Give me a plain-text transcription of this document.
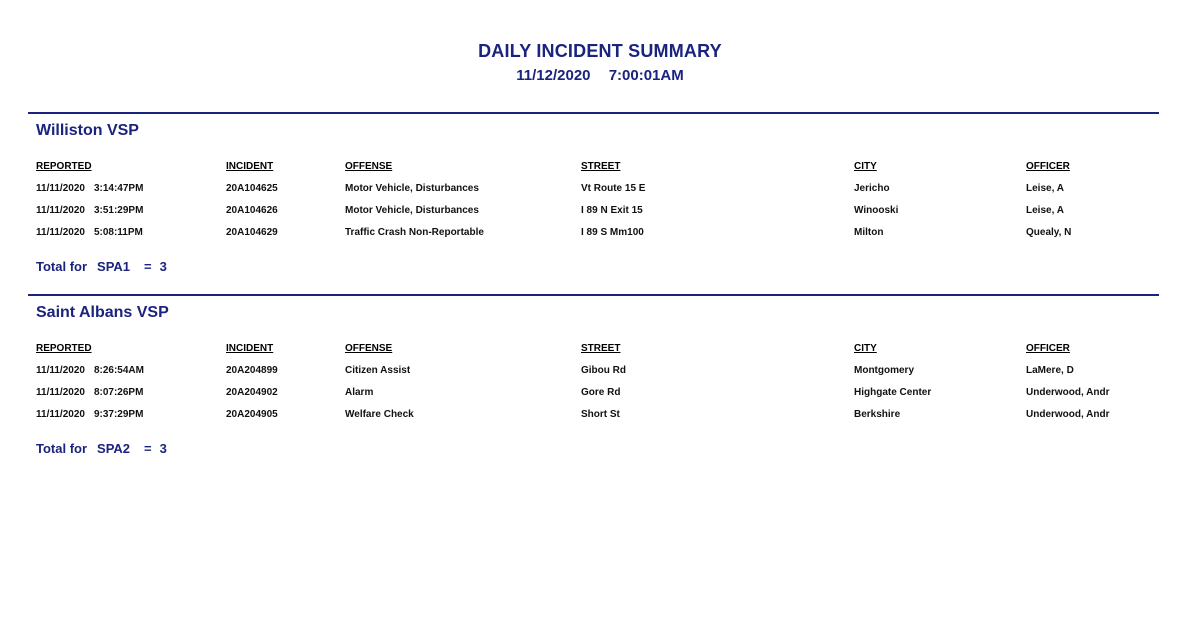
DAILY INCIDENT SUMMARY
11/12/2020 7:00:01AM
Williston VSP
REPORTED	INCIDENT	OFFENSE	STREET	CITY	OFFICER
11/11/2020 3:14:47PM	20A104625	Motor Vehicle, Disturbances	Vt Route 15 E	Jericho	Leise, A
11/11/2020 3:51:29PM	20A104626	Motor Vehicle, Disturbances	I 89 N Exit 15	Winooski	Leise, A
11/11/2020 5:08:11PM	20A104629	Traffic Crash Non-Reportable	I 89 S Mm100	Milton	Quealy, N
Total for SPA1 = 3
Saint Albans VSP
REPORTED	INCIDENT	OFFENSE	STREET	CITY	OFFICER
11/11/2020 8:26:54AM	20A204899	Citizen Assist	Gibou Rd	Montgomery	LaMere, D
11/11/2020 8:07:26PM	20A204902	Alarm	Gore Rd	Highgate Center	Underwood, Andr
11/11/2020 9:37:29PM	20A204905	Welfare Check	Short St	Berkshire	Underwood, Andr
Total for SPA2 = 3
